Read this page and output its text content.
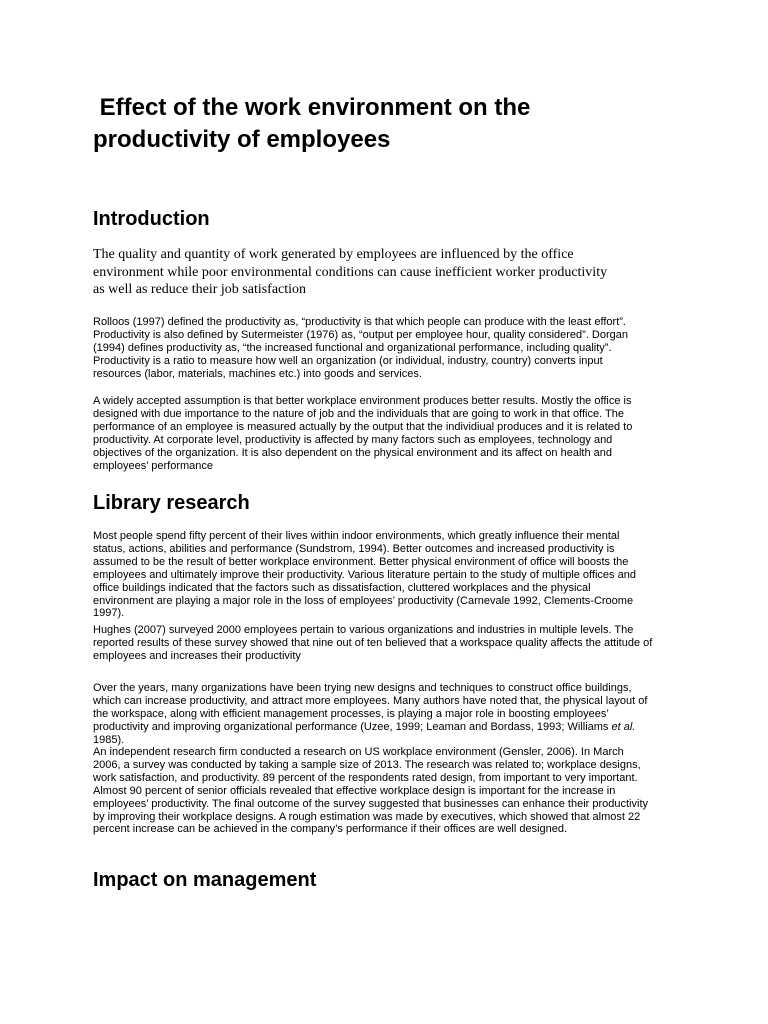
Effect of the work environment on the productivity of employees
Introduction

The quality and quantity of work generated by employees are influenced by the office environment while poor environmental conditions can cause inefficient worker productivity as well as reduce their job satisfaction

Rolloos (1997) defined the productivity as, “productivity is that which people can produce with the least effort”. Productivity is also defined by Sutermeister (1976) as, “output per employee hour, quality considered”. Dorgan (1994) defines productivity as, “the increased functional and organizational performance, including quality”. Productivity is a ratio to measure how well an organization (or individual, industry, country) converts input resources (labor, materials, machines etc.) into goods and services.

A widely accepted assumption is that better workplace environment produces better results. Mostly the office is designed with due importance to the nature of job and the individuals that are going to work in that office. The performance of an employee is measured actually by the output that the individiual produces and it is related to productivity. At corporate level, productivity is affected by many factors such as employees, technology and objectives of the organization. It is also dependent on the physical environment and its affect on health and employees’ performance

Library research

Most people spend fifty percent of their lives within indoor environments, which greatly influence their mental status, actions, abilities and performance (Sundstrom, 1994). Better outcomes and increased productivity is assumed to be the result of better workplace environment. Better physical environment of office will boosts the employees and ultimately improve their productivity. Various literature pertain to the study of multiple offices and office buildings indicated that the factors such as dissatisfaction, cluttered workplaces and the physical environment are playing a major role in the loss of employees’ productivity (Carnevale 1992, Clements-Croome 1997).

Hughes (2007) surveyed 2000 employees pertain to various organizations and industries in multiple levels. The reported results of these survey showed that nine out of ten believed that a workspace quality affects the attitude of employees and increases their productivity

Over the years, many organizations have been trying new designs and techniques to construct office buildings, which can increase productivity, and attract more employees. Many authors have noted that, the physical layout of the workspace, along with efficient management processes, is playing a major role in boosting employees’ productivity and improving organizational performance (Uzee, 1999; Leaman and Bordass, 1993; Williams et al. 1985).

An independent research firm conducted a research on US workplace environment (Gensler, 2006). In March 2006, a survey was conducted by taking a sample size of 2013. The research was related to; workplace designs, work satisfaction, and productivity. 89 percent of the respondents rated design, from important to very important. Almost 90 percent of senior officials revealed that effective workplace design is important for the increase in employees’ productivity. The final outcome of the survey suggested that businesses can enhance their productivity by improving their workplace designs. A rough estimation was made by executives, which showed that almost 22 percent increase can be achieved in the company’s performance if their offices are well designed.

Impact on management
